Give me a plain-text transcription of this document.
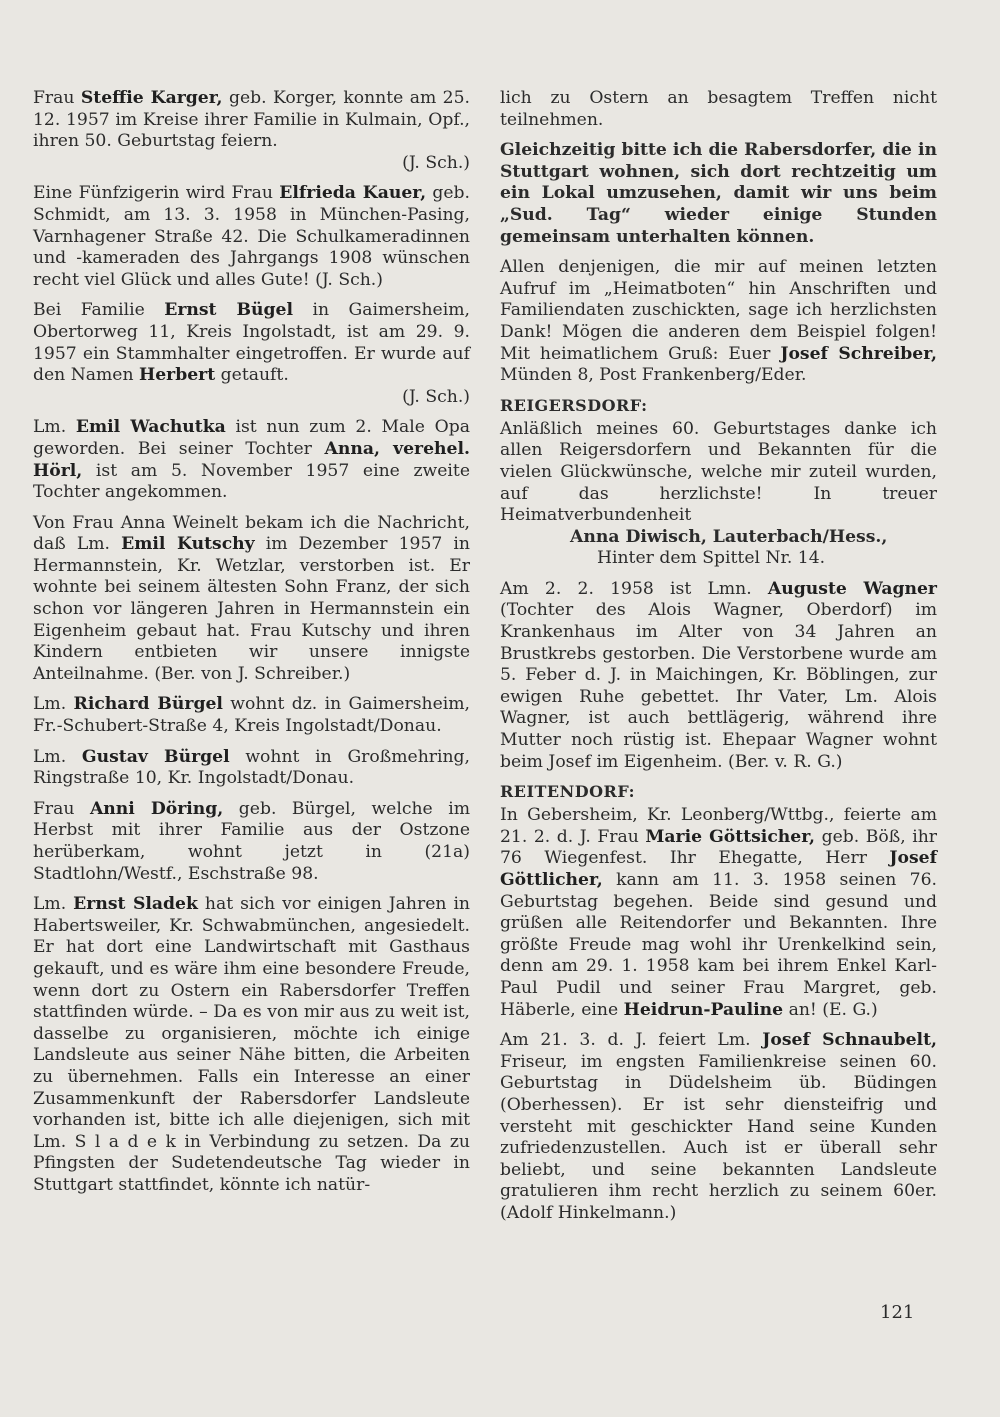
Frau Steffie Karger, geb. Korger, konnte am 25. 12. 1957 im Kreise ihrer Familie in Kulmain, Opf., ihren 50. Geburtstag feiern.
(J. Sch.)

Eine Fünfzigerin wird Frau Elfrieda Kauer, geb. Schmidt, am 13. 3. 1958 in München-Pasing, Varnhagener Straße 42. Die Schulkameradinnen und -kameraden des Jahrgangs 1908 wünschen recht viel Glück und alles Gute! (J. Sch.)

Bei Familie Ernst Bügel in Gaimersheim, Obertorweg 11, Kreis Ingolstadt, ist am 29. 9. 1957 ein Stammhalter eingetroffen. Er wurde auf den Namen Herbert getauft.
(J. Sch.)

Lm. Emil Wachutka ist nun zum 2. Male Opa geworden. Bei seiner Tochter Anna, verehel. Hörl, ist am 5. November 1957 eine zweite Tochter angekommen.

Von Frau Anna Weinelt bekam ich die Nachricht, daß Lm. Emil Kutschy im Dezember 1957 in Hermannstein, Kr. Wetzlar, verstorben ist. Er wohnte bei seinem ältesten Sohn Franz, der sich schon vor längeren Jahren in Hermannstein ein Eigenheim gebaut hat. Frau Kutschy und ihren Kindern entbieten wir unsere innigste Anteilnahme. (Ber. von J. Schreiber.)

Lm. Richard Bürgel wohnt dz. in Gaimersheim, Fr.-Schubert-Straße 4, Kreis Ingolstadt/Donau.

Lm. Gustav Bürgel wohnt in Großmehring, Ringstraße 10, Kr. Ingolstadt/Donau.

Frau Anni Döring, geb. Bürgel, welche im Herbst mit ihrer Familie aus der Ostzone herüberkam, wohnt jetzt in (21a) Stadtlohn/Westf., Eschstraße 98.

Lm. Ernst Sladek hat sich vor einigen Jahren in Habertsweiler, Kr. Schwabmünchen, angesiedelt. Er hat dort eine Landwirtschaft mit Gasthaus gekauft, und es wäre ihm eine besondere Freude, wenn dort zu Ostern ein Rabersdorfer Treffen stattfinden würde. – Da es von mir aus zu weit ist, dasselbe zu organisieren, möchte ich einige Landsleute aus seiner Nähe bitten, die Arbeiten zu übernehmen. Falls ein Interesse an einer Zusammenkunft der Rabersdorfer Landsleute vorhanden ist, bitte ich alle diejenigen, sich mit Lm. S l a d e k in Verbindung zu setzen. Da zu Pfingsten der Sudetendeutsche Tag wieder in Stuttgart stattfindet, könnte ich natür-

lich zu Ostern an besagtem Treffen nicht teilnehmen.

Gleichzeitig bitte ich die Rabersdorfer, die in Stuttgart wohnen, sich dort rechtzeitig um ein Lokal umzusehen, damit wir uns beim „Sud. Tag“ wieder einige Stunden gemeinsam unterhalten können.

Allen denjenigen, die mir auf meinen letzten Aufruf im „Heimatboten“ hin Anschriften und Familiendaten zuschickten, sage ich herzlichsten Dank! Mögen die anderen dem Beispiel folgen! Mit heimatlichem Gruß: Euer Josef Schreiber, Münden 8, Post Frankenberg/Eder.

REIGERSDORF:

Anläßlich meines 60. Geburtstages danke ich allen Reigersdorfern und Bekannten für die vielen Glückwünsche, welche mir zuteil wurden, auf das herzlichste! In treuer Heimatverbundenheit
Anna Diwisch, Lauterbach/Hess.,
Hinter dem Spittel Nr. 14.

Am 2. 2. 1958 ist Lmn. Auguste Wagner (Tochter des Alois Wagner, Oberdorf) im Krankenhaus im Alter von 34 Jahren an Brustkrebs gestorben. Die Verstorbene wurde am 5. Feber d. J. in Maichingen, Kr. Böblingen, zur ewigen Ruhe gebettet. Ihr Vater, Lm. Alois Wagner, ist auch bettlägerig, während ihre Mutter noch rüstig ist. Ehepaar Wagner wohnt beim Josef im Eigenheim. (Ber. v. R. G.)

REITENDORF:

In Gebersheim, Kr. Leonberg/Wttbg., feierte am 21. 2. d. J. Frau Marie Göttsicher, geb. Böß, ihr 76 Wiegenfest. Ihr Ehegatte, Herr Josef Göttlicher, kann am 11. 3. 1958 seinen 76. Geburtstag begehen. Beide sind gesund und grüßen alle Reitendorfer und Bekannten. Ihre größte Freude mag wohl ihr Urenkelkind sein, denn am 29. 1. 1958 kam bei ihrem Enkel Karl-Paul Pudil und seiner Frau Margret, geb. Häberle, eine Heidrun-Pauline an! (E. G.)

Am 21. 3. d. J. feiert Lm. Josef Schnaubelt, Friseur, im engsten Familienkreise seinen 60. Geburtstag in Düdelsheim üb. Büdingen (Oberhessen). Er ist sehr diensteifrig und versteht mit geschickter Hand seine Kunden zufriedenzustellen. Auch ist er überall sehr beliebt, und seine bekannten Landsleute gratulieren ihm recht herzlich zu seinem 60er. (Adolf Hinkelmann.)

121
